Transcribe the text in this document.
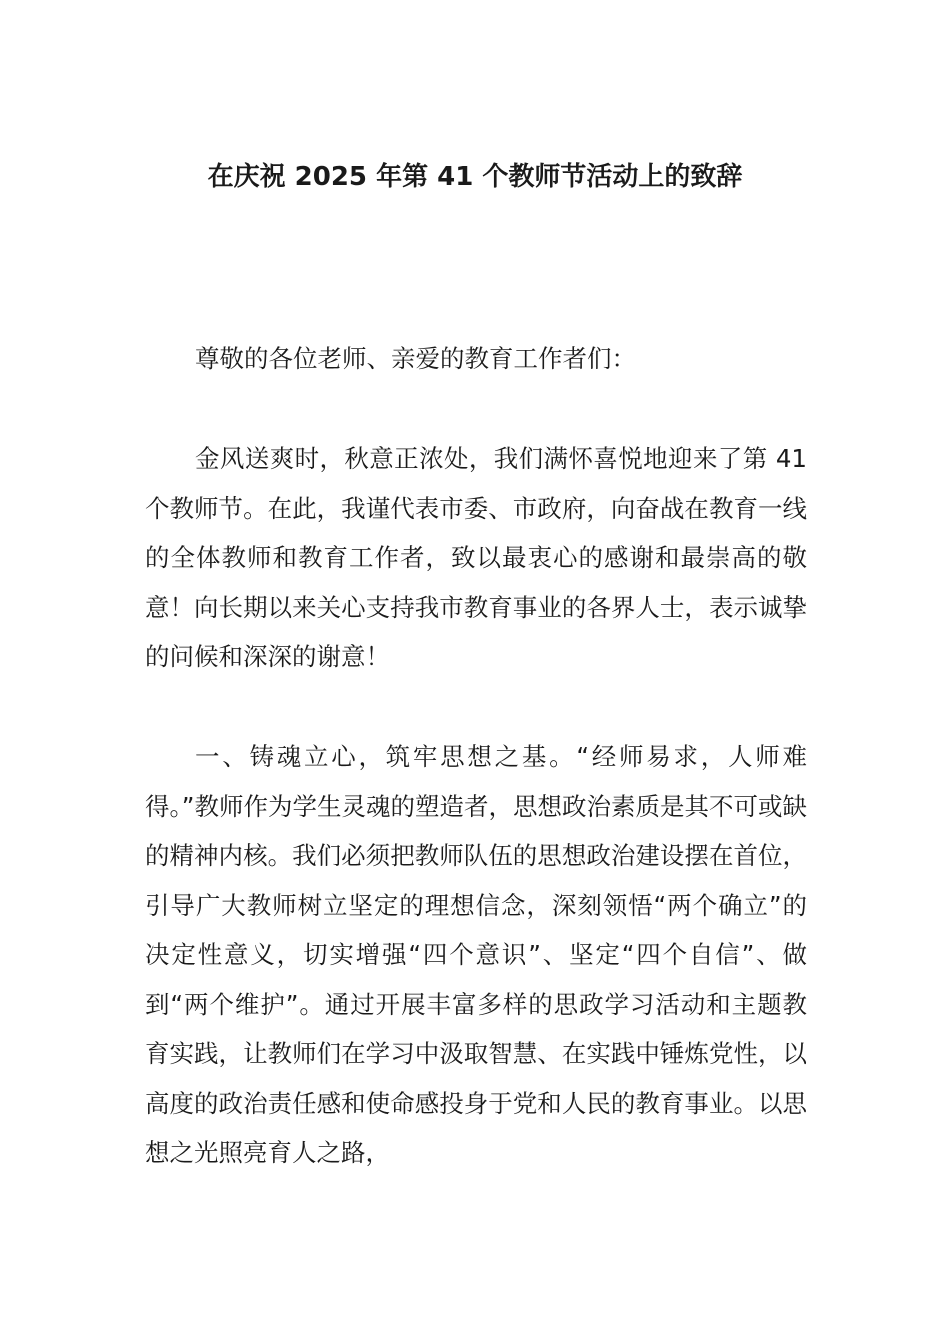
在庆祝 2025 年第 41 个教师节活动上的致辞

尊敬的各位老师、亲爱的教育工作者们：

金风送爽时，秋意正浓处，我们满怀喜悦地迎来了第 41 个教师节。在此，我谨代表市委、市政府，向奋战在教育一线的全体教师和教育工作者，致以最衷心的感谢和最崇高的敬意！向长期以来关心支持我市教育事业的各界人士，表示诚挚的问候和深深的谢意！

一、铸魂立心，筑牢思想之基。“经师易求，人师难得。”教师作为学生灵魂的塑造者，思想政治素质是其不可或缺的精神内核。我们必须把教师队伍的思想政治建设摆在首位，引导广大教师树立坚定的理想信念，深刻领悟“两个确立”的决定性意义，切实增强“四个意识”、坚定“四个自信”、做到“两个维护”。通过开展丰富多样的思政学习活动和主题教育实践，让教师们在学习中汲取智慧、在实践中锤炼党性，以高度的政治责任感和使命感投身于党和人民的教育事业。以思想之光照亮育人之路，
